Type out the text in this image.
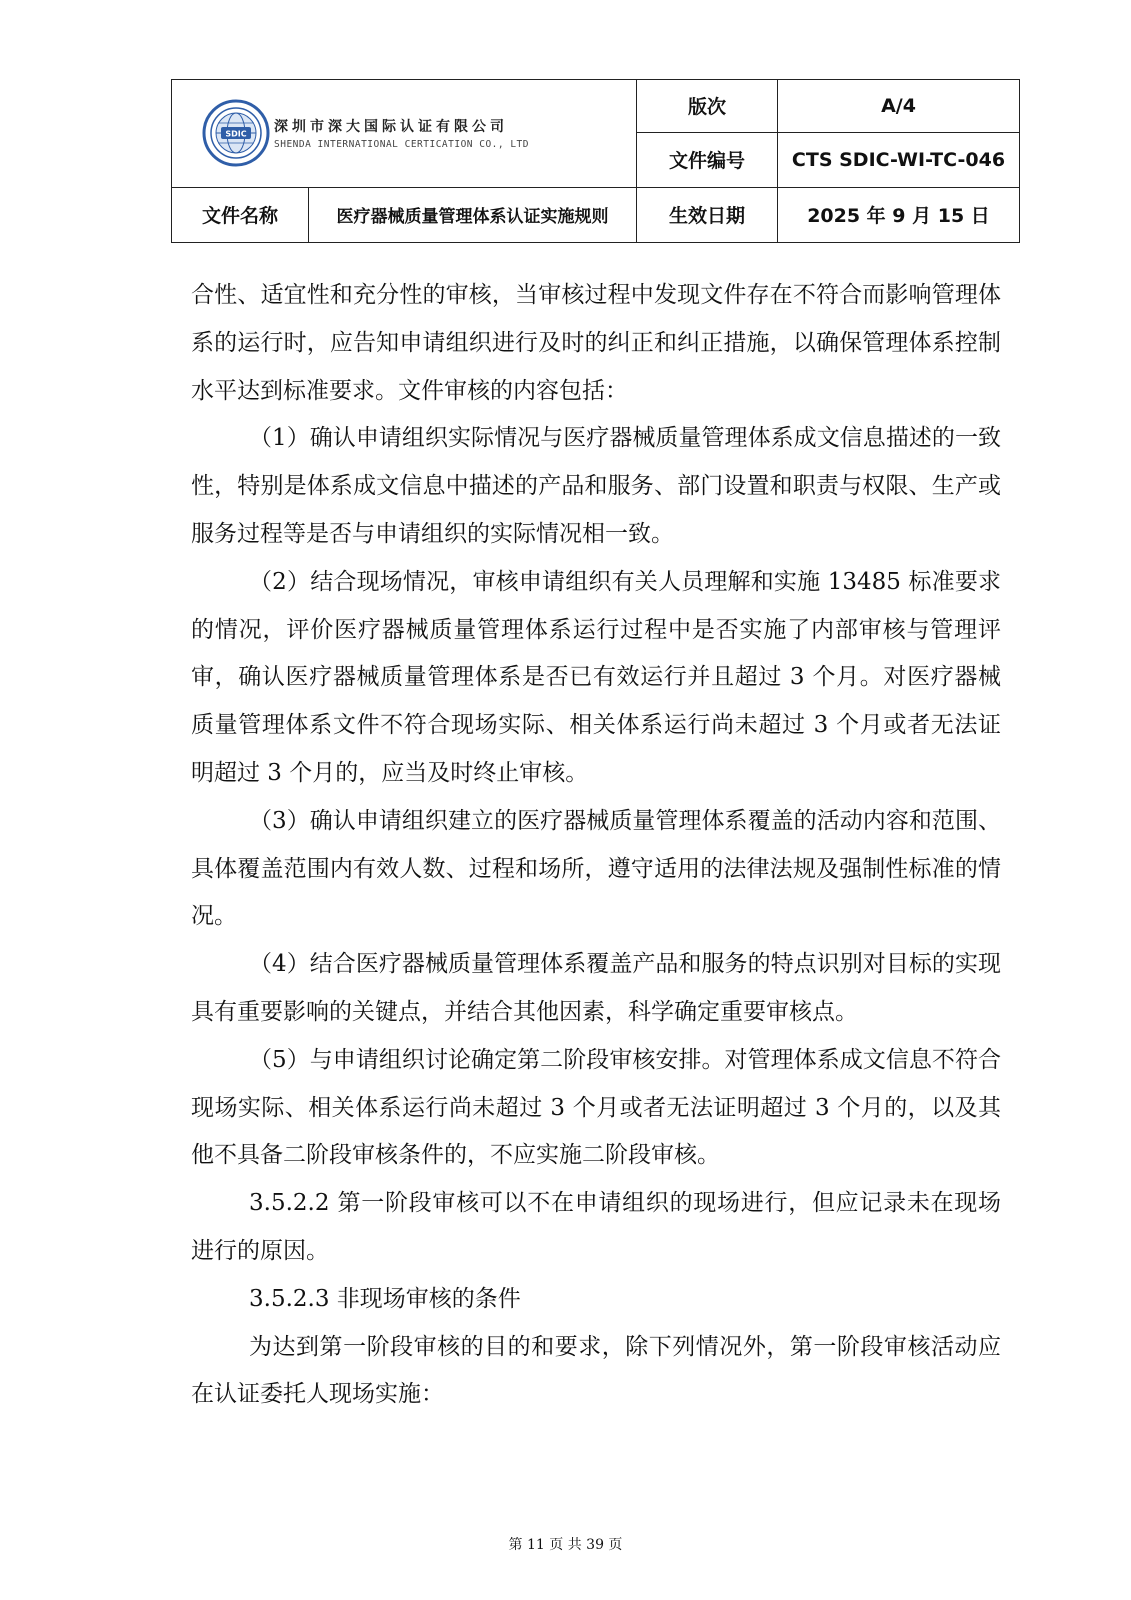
SDIC 深圳市深大国际认证有限公司
SHENDA INTERNATIONAL CERTICATION CO., LTD		版次	A/4
		文件编号	CTS SDIC-WI-TC-046
文件名称	医疗器械质量管理体系认证实施规则	生效日期	2025 年 9 月 15 日

合性、适宜性和充分性的审核，当审核过程中发现文件存在不符合而影响管理体系的运行时，应告知申请组织进行及时的纠正和纠正措施，以确保管理体系控制水平达到标准要求。文件审核的内容包括：

（1）确认申请组织实际情况与医疗器械质量管理体系成文信息描述的一致性，特别是体系成文信息中描述的产品和服务、部门设置和职责与权限、生产或服务过程等是否与申请组织的实际情况相一致。

（2）结合现场情况，审核申请组织有关人员理解和实施 13485 标准要求的情况，评价医疗器械质量管理体系运行过程中是否实施了内部审核与管理评审，确认医疗器械质量管理体系是否已有效运行并且超过 3 个月。对医疗器械质量管理体系文件不符合现场实际、相关体系运行尚未超过 3 个月或者无法证明超过 3 个月的，应当及时终止审核。

（3）确认申请组织建立的医疗器械质量管理体系覆盖的活动内容和范围、具体覆盖范围内有效人数、过程和场所，遵守适用的法律法规及强制性标准的情况。

（4）结合医疗器械质量管理体系覆盖产品和服务的特点识别对目标的实现具有重要影响的关键点，并结合其他因素，科学确定重要审核点。

（5）与申请组织讨论确定第二阶段审核安排。对管理体系成文信息不符合现场实际、相关体系运行尚未超过 3 个月或者无法证明超过 3 个月的，以及其他不具备二阶段审核条件的，不应实施二阶段审核。

3.5.2.2 第一阶段审核可以不在申请组织的现场进行，但应记录未在现场进行的原因。

3.5.2.3 非现场审核的条件

为达到第一阶段审核的目的和要求，除下列情况外，第一阶段审核活动应在认证委托人现场实施：

第 11 页 共 39 页
